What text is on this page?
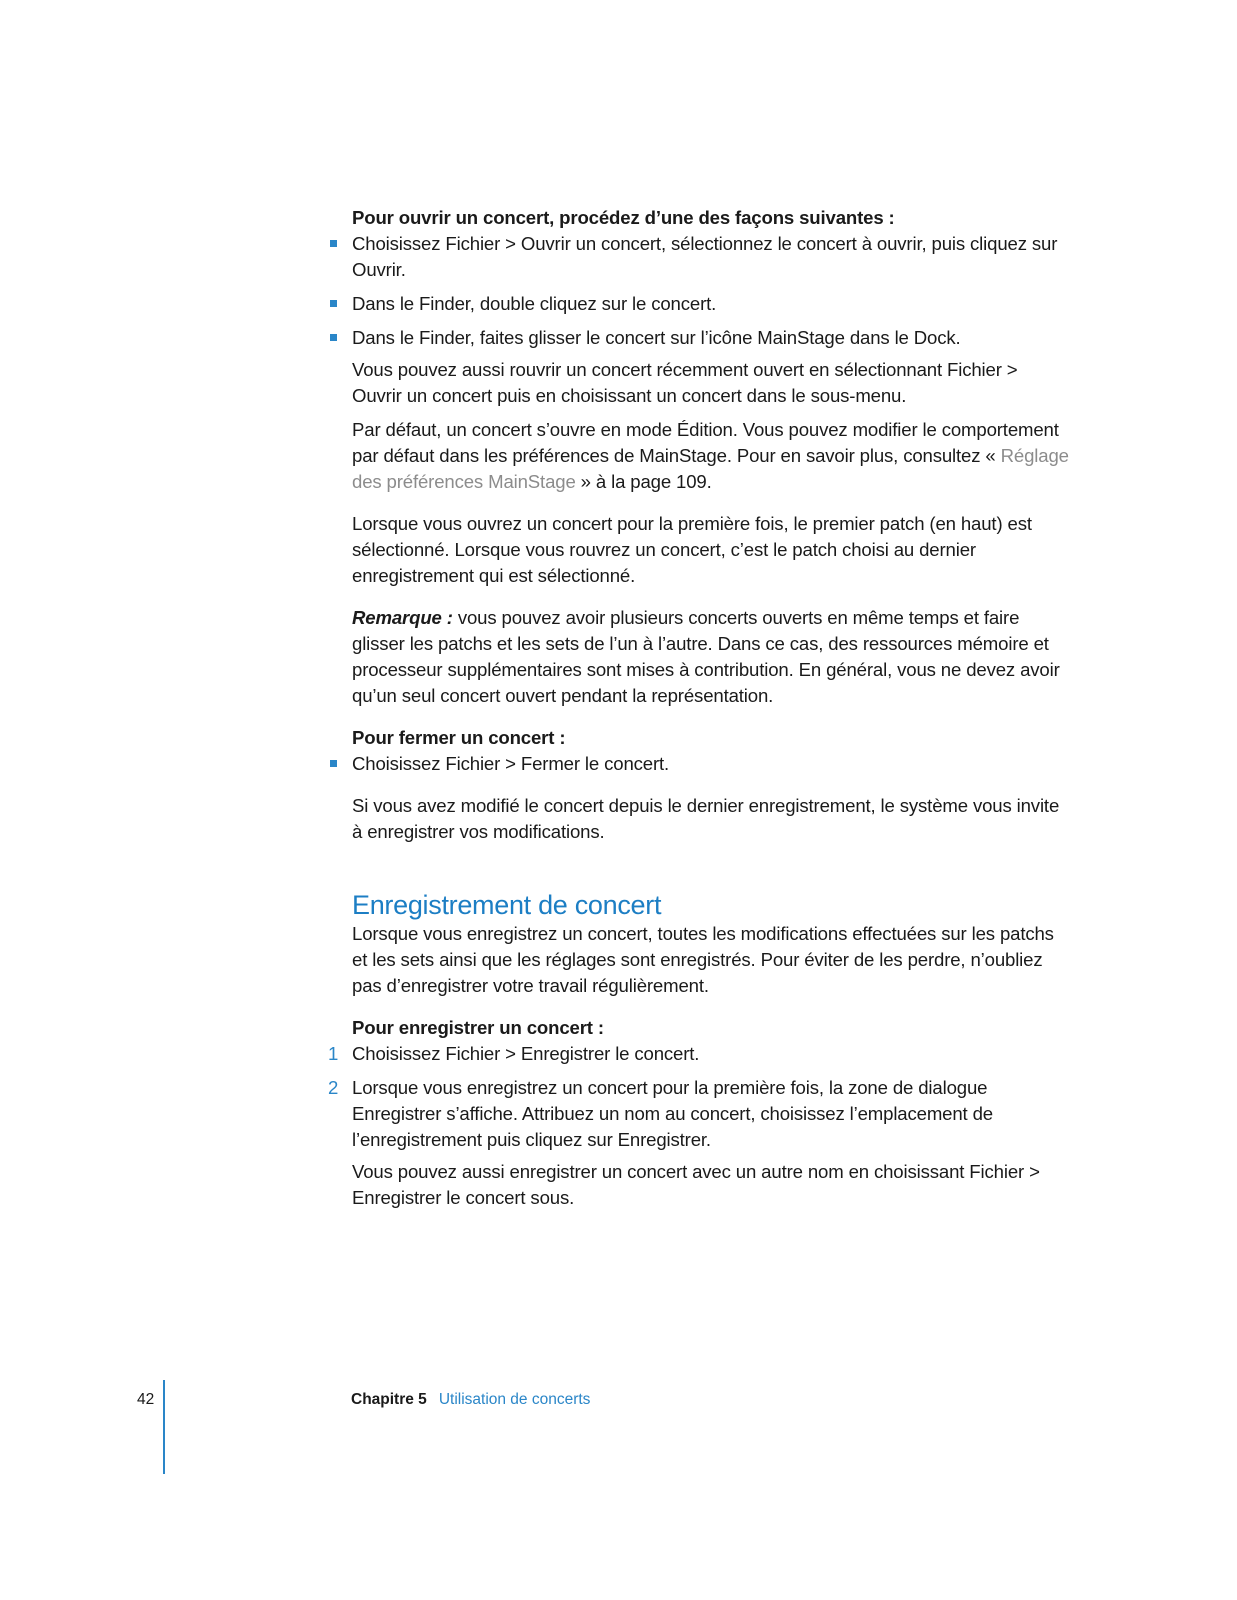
Pour ouvrir un concert, procédez d’une des façons suivantes :

Choisissez Fichier > Ouvrir un concert, sélectionnez le concert à ouvrir, puis cliquez sur Ouvrir.
Dans le Finder, double cliquez sur le concert.
Dans le Finder, faites glisser le concert sur l’icône MainStage dans le Dock.

Vous pouvez aussi rouvrir un concert récemment ouvert en sélectionnant Fichier > Ouvrir un concert puis en choisissant un concert dans le sous-menu.

Par défaut, un concert s’ouvre en mode Édition. Vous pouvez modifier le comportement par défaut dans les préférences de MainStage. Pour en savoir plus, consultez « Réglage des préférences MainStage » à la page 109.

Lorsque vous ouvrez un concert pour la première fois, le premier patch (en haut) est sélectionné. Lorsque vous rouvrez un concert, c’est le patch choisi au dernier enregistrement qui est sélectionné.

Remarque : vous pouvez avoir plusieurs concerts ouverts en même temps et faire glisser les patchs et les sets de l’un à l’autre. Dans ce cas, des ressources mémoire et processeur supplémentaires sont mises à contribution. En général, vous ne devez avoir qu’un seul concert ouvert pendant la représentation.

Pour fermer un concert :

Choisissez Fichier > Fermer le concert.

Si vous avez modifié le concert depuis le dernier enregistrement, le système vous invite à enregistrer vos modifications.

Enregistrement de concert

Lorsque vous enregistrez un concert, toutes les modifications effectuées sur les patchs et les sets ainsi que les réglages sont enregistrés. Pour éviter de les perdre, n’oubliez pas d’enregistrer votre travail régulièrement.

Pour enregistrer un concert :

1 Choisissez Fichier > Enregistrer le concert.
2 Lorsque vous enregistrez un concert pour la première fois, la zone de dialogue Enregistrer s’affiche. Attribuez un nom au concert, choisissez l’emplacement de l’enregistrement puis cliquez sur Enregistrer.

Vous pouvez aussi enregistrer un concert avec un autre nom en choisissant Fichier > Enregistrer le concert sous.

42	Chapitre 5 Utilisation de concerts
